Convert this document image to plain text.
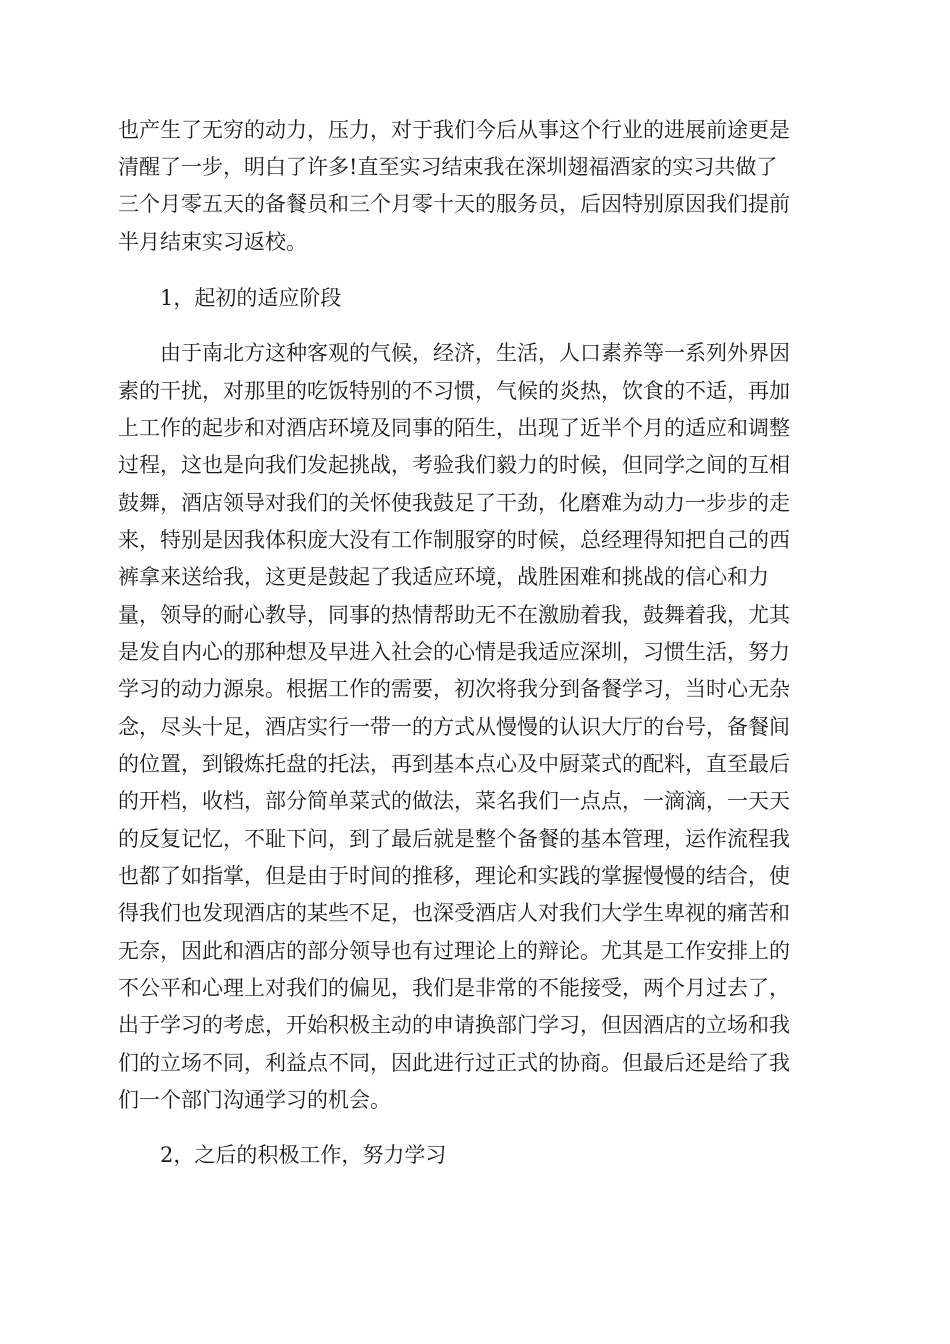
也产生了无穷的动力，压力，对于我们今后从事这个行业的进展前途更是
清醒了一步，明白了许多!直至实习结束我在深圳翅福酒家的实习共做了
三个月零五天的备餐员和三个月零十天的服务员，后因特别原因我们提前
半月结束实习返校。
1，起初的适应阶段
　　由于南北方这种客观的气候，经济，生活，人口素养等一系列外界因
素的干扰，对那里的吃饭特别的不习惯，气候的炎热，饮食的不适，再加
上工作的起步和对酒店环境及同事的陌生，出现了近半个月的适应和调整
过程，这也是向我们发起挑战，考验我们毅力的时候，但同学之间的互相
鼓舞，酒店领导对我们的关怀使我鼓足了干劲，化磨难为动力一步步的走
来，特别是因我体积庞大没有工作制服穿的时候，总经理得知把自己的西
裤拿来送给我，这更是鼓起了我适应环境，战胜困难和挑战的信心和力
量，领导的耐心教导，同事的热情帮助无不在激励着我，鼓舞着我，尤其
是发自内心的那种想及早进入社会的心情是我适应深圳，习惯生活，努力
学习的动力源泉。根据工作的需要，初次将我分到备餐学习，当时心无杂
念，尽头十足，酒店实行一带一的方式从慢慢的认识大厅的台号，备餐间
的位置，到锻炼托盘的托法，再到基本点心及中厨菜式的配料，直至最后
的开档，收档，部分简单菜式的做法，菜名我们一点点，一滴滴，一天天
的反复记忆，不耻下问，到了最后就是整个备餐的基本管理，运作流程我
也都了如指掌，但是由于时间的推移，理论和实践的掌握慢慢的结合，使
得我们也发现酒店的某些不足，也深受酒店人对我们大学生卑视的痛苦和
无奈，因此和酒店的部分领导也有过理论上的辩论。尤其是工作安排上的
不公平和心理上对我们的偏见，我们是非常的不能接受，两个月过去了，
出于学习的考虑，开始积极主动的申请换部门学习，但因酒店的立场和我
们的立场不同，利益点不同，因此进行过正式的协商。但最后还是给了我
们一个部门沟通学习的机会。
2，之后的积极工作，努力学习
